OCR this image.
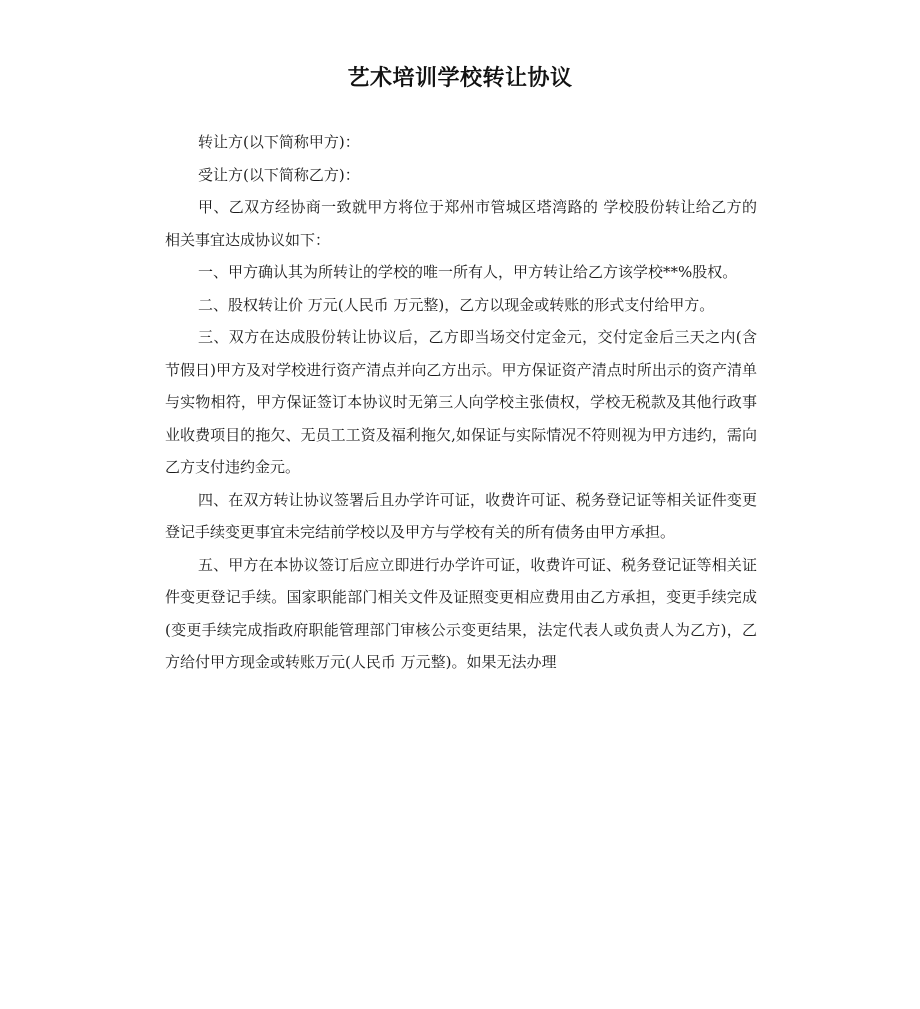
艺术培训学校转让协议

转让方(以下简称甲方)：

受让方(以下简称乙方)：

甲、乙双方经协商一致就甲方将位于郑州市管城区塔湾路的 学校股份转让给乙方的相关事宜达成协议如下：

一、甲方确认其为所转让的学校的唯一所有人，甲方转让给乙方该学校**%股权。

二、股权转让价 万元(人民币 万元整)，乙方以现金或转账的形式支付给甲方。

三、双方在达成股份转让协议后，乙方即当场交付定金元，交付定金后三天之内(含节假日)甲方及对学校进行资产清点并向乙方出示。甲方保证资产清点时所出示的资产清单与实物相符，甲方保证签订本协议时无第三人向学校主张债权，学校无税款及其他行政事业收费项目的拖欠、无员工工资及福利拖欠,如保证与实际情况不符则视为甲方违约，需向乙方支付违约金元。

四、在双方转让协议签署后且办学许可证，收费许可证、税务登记证等相关证件变更登记手续变更事宜未完结前学校以及甲方与学校有关的所有债务由甲方承担。

五、甲方在本协议签订后应立即进行办学许可证，收费许可证、税务登记证等相关证件变更登记手续。国家职能部门相关文件及证照变更相应费用由乙方承担，变更手续完成(变更手续完成指政府职能管理部门审核公示变更结果，法定代表人或负责人为乙方)，乙方给付甲方现金或转账万元(人民币 万元整)。如果无法办理
